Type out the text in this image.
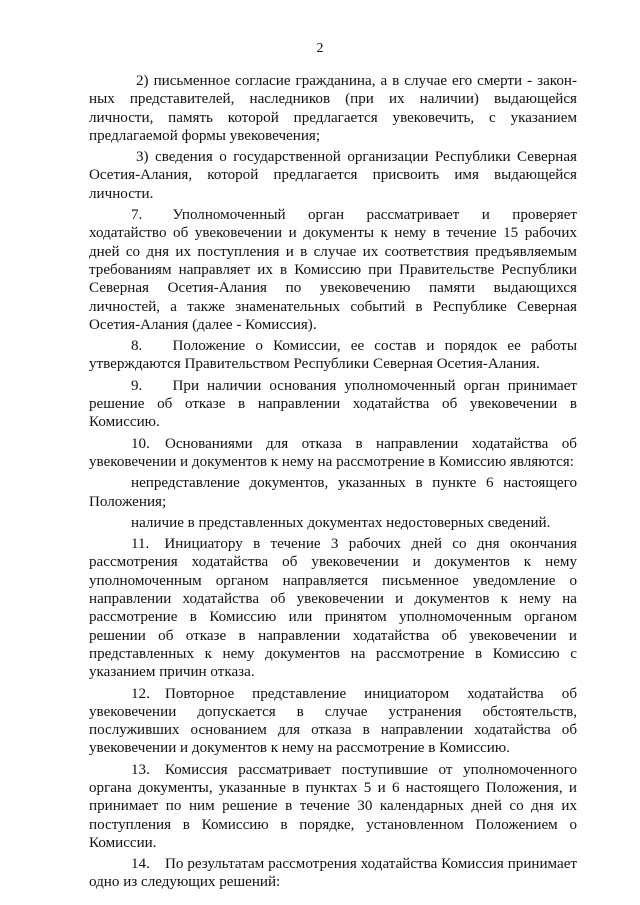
2

2) письменное согласие гражданина, а в случае его смерти - законных представителей, наследников (при их наличии) выдающейся личности, память которой предлагается увековечить, с указанием предлагаемой формы увековечения;

3) сведения о государственной организации Республики Северная Осетия-Алания, которой предлагается присвоить имя выдающейся личности.

7.  Уполномоченный орган рассматривает и проверяет ходатайство об увековечении и документы к нему в течение 15 рабочих дней со дня их поступления и в случае их соответствия предъявляемым требованиям направляет их в Комиссию при Правительстве Республики Северная Осетия-Алания по увековечению памяти выдающихся личностей, а также знаменательных событий в Республике Северная Осетия-Алания (далее - Комиссия).

8.  Положение о Комиссии, ее состав и порядок ее работы утверждаются Правительством Республики Северная Осетия-Алания.

9.  При наличии основания уполномоченный орган принимает решение об отказе в направлении ходатайства об увековечении в Комиссию.

10. Основаниями для отказа в направлении ходатайства об увековечении и документов к нему на рассмотрение в Комиссию являются:

непредставление документов, указанных в пункте 6 настоящего Положения;

наличие в представленных документах недостоверных сведений.

11. Инициатору в течение 3 рабочих дней со дня окончания рассмотрения ходатайства об увековечении и документов к нему уполномоченным органом направляется письменное уведомление о направлении ходатайства об увековечении и документов к нему на рассмотрение в Комиссию или принятом уполномоченным органом решении об отказе в направлении ходатайства об увековечении и представленных к нему документов на рассмотрение в Комиссию с указанием причин отказа.

12. Повторное представление инициатором ходатайства об увековечении допускается в случае устранения обстоятельств, послуживших основанием для отказа в направлении ходатайства об увековечении и документов к нему на рассмотрение в Комиссию.

13. Комиссия рассматривает поступившие от уполномоченного органа документы, указанные в пунктах 5 и 6 настоящего Положения, и принимает по ним решение в течение 30 календарных дней со дня их поступления в Комиссию в порядке, установленном Положением о Комиссии.

14. По результатам рассмотрения ходатайства Комиссия принимает одно из следующих решений:
